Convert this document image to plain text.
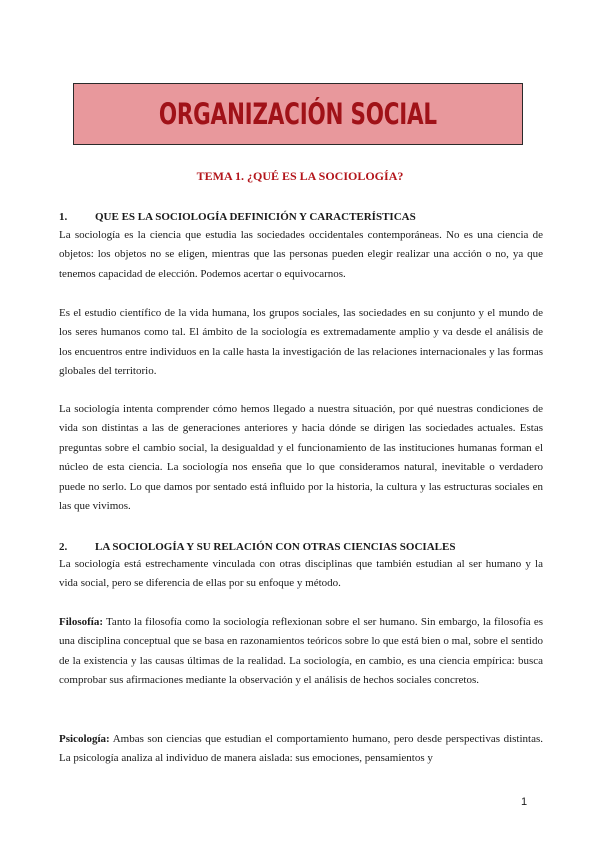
ORGANIZACIÓN SOCIAL
TEMA 1. ¿QUÉ ES LA SOCIOLOGÍA?
1.	QUE ES LA SOCIOLOGÍA DEFINICIÓN Y CARACTERÍSTICAS

La sociología es la ciencia que estudia las sociedades occidentales contemporáneas. No es una ciencia de objetos: los objetos no se eligen, mientras que las personas pueden elegir realizar una acción o no, ya que tenemos capacidad de elección. Podemos acertar o equivocarnos.

Es el estudio científico de la vida humana, los grupos sociales, las sociedades en su conjunto y el mundo de los seres humanos como tal. El ámbito de la sociología es extremadamente amplio y va desde el análisis de los encuentros entre individuos en la calle hasta la investigación de las relaciones internacionales y las formas globales del territorio.

La sociología intenta comprender cómo hemos llegado a nuestra situación, por qué nuestras condiciones de vida son distintas a las de generaciones anteriores y hacia dónde se dirigen las sociedades actuales. Estas preguntas sobre el cambio social, la desigualdad y el funcionamiento de las instituciones humanas forman el núcleo de esta ciencia. La sociología nos enseña que lo que consideramos natural, inevitable o verdadero puede no serlo. Lo que damos por sentado está influido por la historia, la cultura y las estructuras sociales en las que vivimos.

2.	LA SOCIOLOGÍA Y SU RELACIÓN CON OTRAS CIENCIAS SOCIALES

La sociología está estrechamente vinculada con otras disciplinas que también estudian al ser humano y la vida social, pero se diferencia de ellas por su enfoque y método.

Filosofía: Tanto la filosofía como la sociología reflexionan sobre el ser humano. Sin embargo, la filosofía es una disciplina conceptual que se basa en razonamientos teóricos sobre lo que está bien o mal, sobre el sentido de la existencia y las causas últimas de la realidad. La sociología, en cambio, es una ciencia empírica: busca comprobar sus afirmaciones mediante la observación y el análisis de hechos sociales concretos.

Psicología: Ambas son ciencias que estudian el comportamiento humano, pero desde perspectivas distintas. La psicología analiza al individuo de manera aislada: sus emociones, pensamientos y

1
